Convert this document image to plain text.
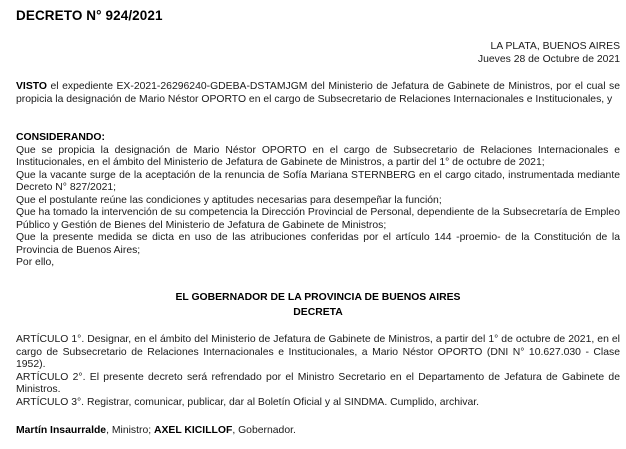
DECRETO N° 924/2021
LA PLATA, BUENOS AIRES
Jueves 28 de Octubre de 2021
VISTO el expediente EX-2021-26296240-GDEBA-DSTAMJGM del Ministerio de Jefatura de Gabinete de Ministros, por el cual se propicia la designación de Mario Néstor OPORTO en el cargo de Subsecretario de Relaciones Internacionales e Institucionales, y

CONSIDERANDO:

Que se propicia la designación de Mario Néstor OPORTO en el cargo de Subsecretario de Relaciones Internacionales e Institucionales, en el ámbito del Ministerio de Jefatura de Gabinete de Ministros, a partir del 1° de octubre de 2021;

Que la vacante surge de la aceptación de la renuncia de Sofía Mariana STERNBERG en el cargo citado, instrumentada mediante Decreto N° 827/2021;

Que el postulante reúne las condiciones y aptitudes necesarias para desempeñar la función;

Que ha tomado la intervención de su competencia la Dirección Provincial de Personal, dependiente de la Subsecretaría de Empleo Público y Gestión de Bienes del Ministerio de Jefatura de Gabinete de Ministros;

Que la presente medida se dicta en uso de las atribuciones conferidas por el artículo 144 -proemio- de la Constitución de la Provincia de Buenos Aires;

Por ello,

EL GOBERNADOR DE LA PROVINCIA DE BUENOS AIRES
DECRETA

ARTÍCULO 1°. Designar, en el ámbito del Ministerio de Jefatura de Gabinete de Ministros, a partir del 1° de octubre de 2021, en el cargo de Subsecretario de Relaciones Internacionales e Institucionales, a Mario Néstor OPORTO (DNI N° 10.627.030 - Clase 1952).

ARTÍCULO 2°. El presente decreto será refrendado por el Ministro Secretario en el Departamento de Jefatura de Gabinete de Ministros.

ARTÍCULO 3°. Registrar, comunicar, publicar, dar al Boletín Oficial y al SINDMA. Cumplido, archivar.

Martín Insaurralde, Ministro; AXEL KICILLOF, Gobernador.
